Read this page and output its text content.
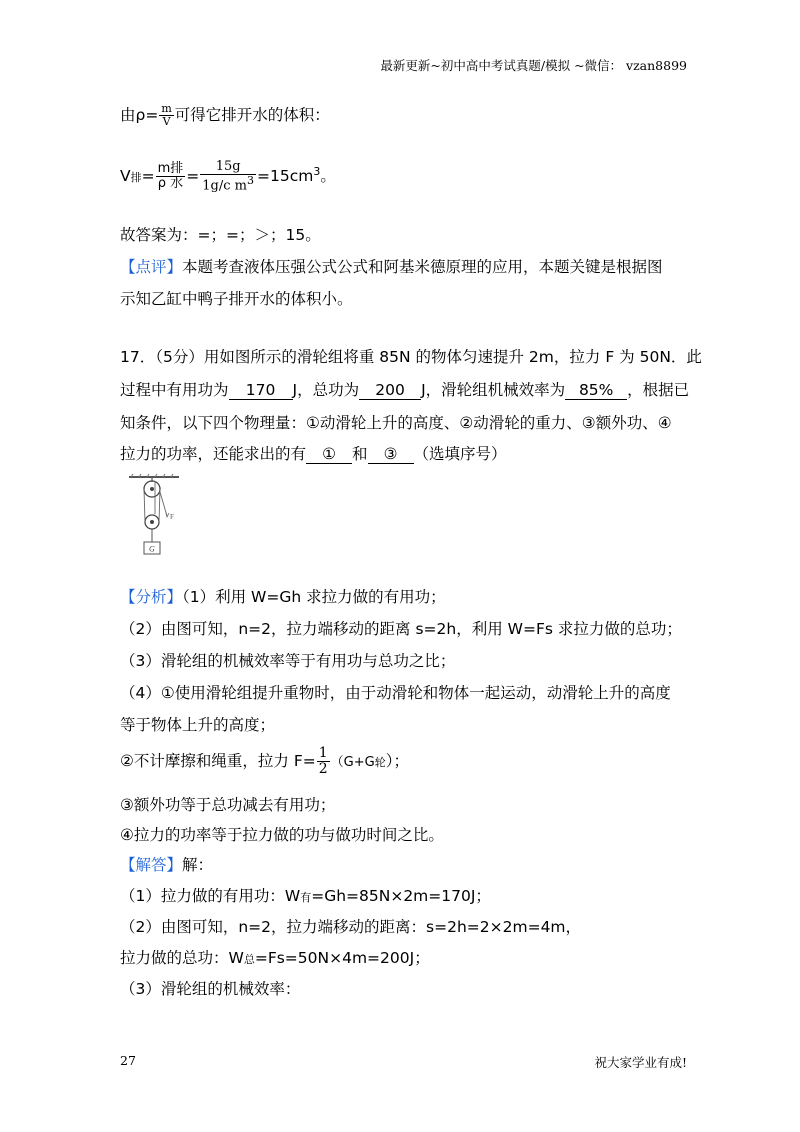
最新更新~初中高中考试真题/模拟 ~微信： vzan8899
由$\rho= \frac{m}{V}$ 可得它排开水的体积：
V排= $\frac{\text{m排}}{\text{ρ 水}} = \frac{15g}{1g/c m^3} =15cm^3$。
故答案为：=；=；＞；15。
【点评】本题考查液体压强公式公式和阿基米德原理的应用，本题关键是根据图
示知乙缸中鸭子排开水的体积小。
17．（5分）用如图所示的滑轮组将重 85N 的物体匀速提升 2m，拉力 F 为 50N．此
过程中有用功为 170 J，总功为 200 J，滑轮组机械效率为 85% ，根据已
知条件，以下四个物理量：①动滑轮上升的高度、②动滑轮的重力、③额外功、④
拉力的功率，还能求出的有 ① 和 ③ （选填序号）
F
G
【分析】（1）利用 W=Gh 求拉力做的有用功；
（2）由图可知，n=2，拉力端移动的距离 s=2h，利用 W=Fs 求拉力做的总功；
（3）滑轮组的机械效率等于有用功与总功之比；
（4）①使用滑轮组提升重物时，由于动滑轮和物体一起运动，动滑轮上升的高度
等于物体上升的高度；
②不计摩擦和绳重，拉力 $F= \frac{1}{2} (G+G$轮）；
③额外功等于总功减去有用功；
④拉力的功率等于拉力做的功与做功时间之比。
【解答】解：
（1）拉力做的有用功：W有=Gh=85N×2m=170J；
（2）由图可知，n=2，拉力端移动的距离：s=2h=2×2m=4m，
拉力做的总功：W总=Fs=50N×4m=200J；
（3）滑轮组的机械效率：
27	祝大家学业有成!
